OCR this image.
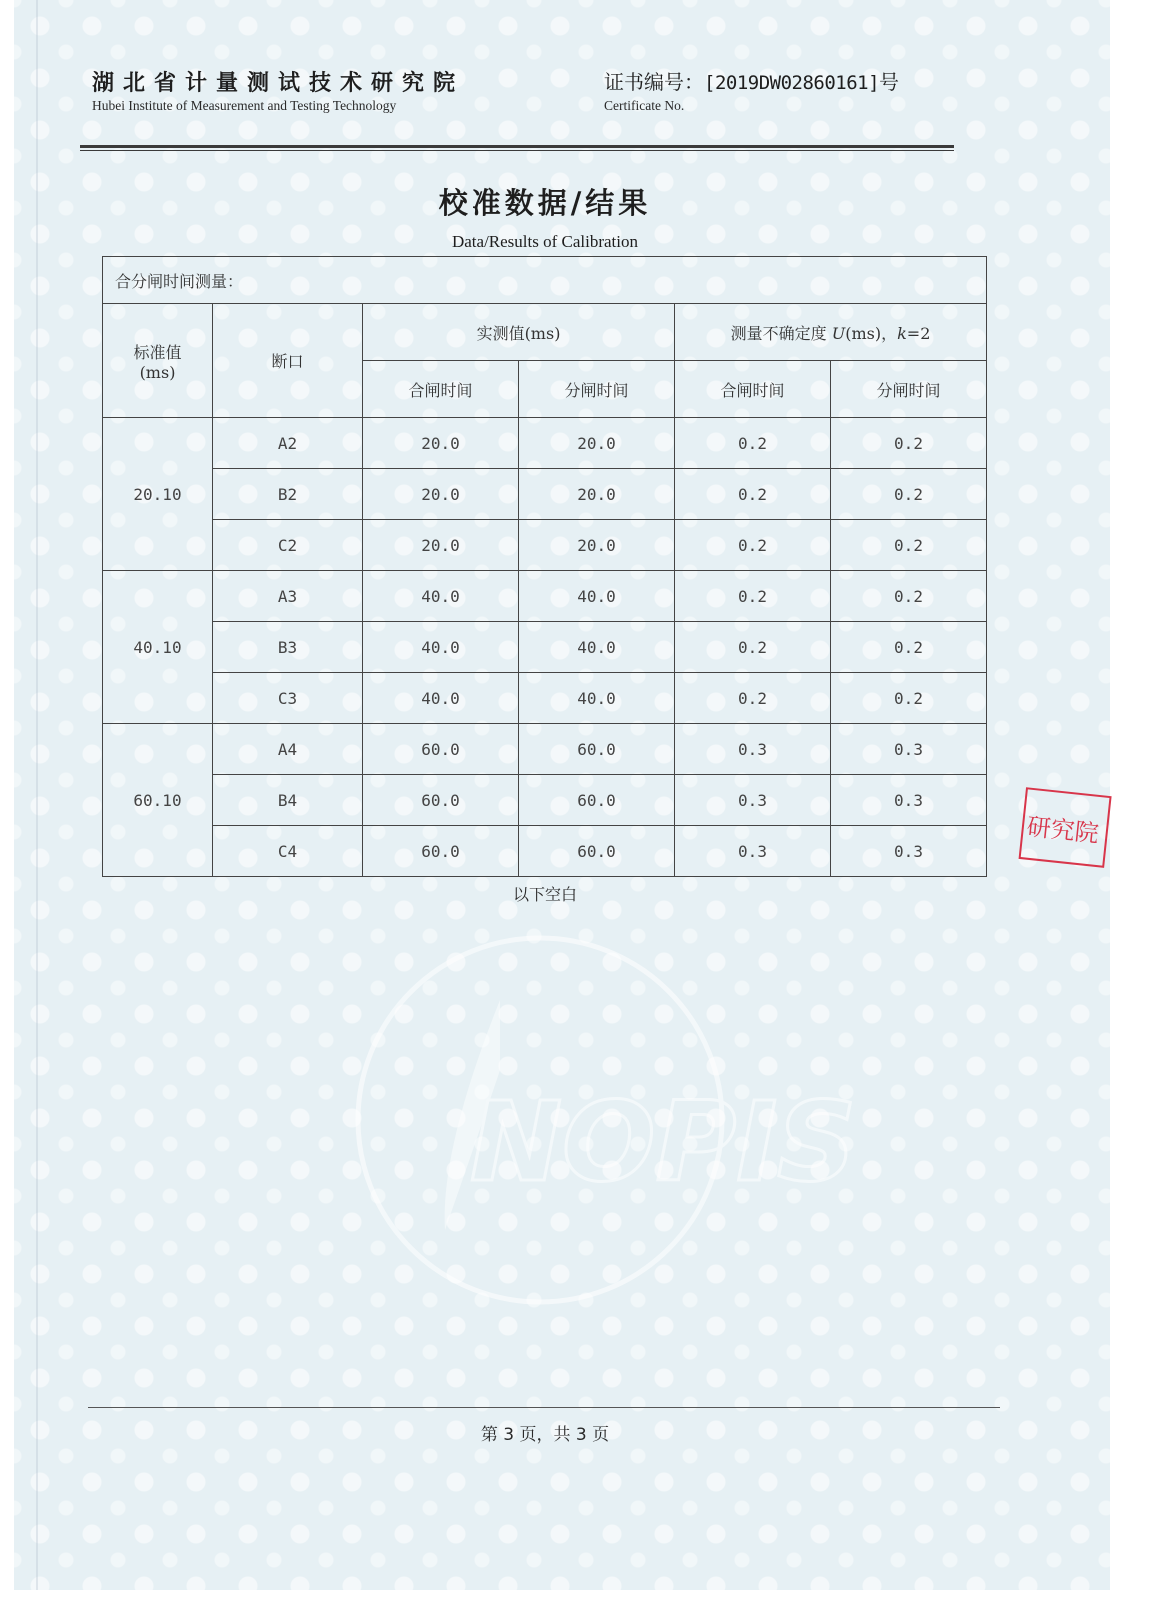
NOPIS
湖北省计量测试技术研究院
Hubei Institute of Measurement and Testing Technology
证书编号：[2019DW02860161]号
Certificate No.
校准数据/结果
Data/Results of Calibration
合分闸时间测量：					

标准值
(ms)	断口	实测值(ms)		测量不确定度 U(ms)，k=2	
		合闸时间	分闸时间	合闸时间	分闸时间
20.10	A2	20.0	20.0	0.2	0.2
	B2	20.0	20.0	0.2	0.2
	C2	20.0	20.0	0.2	0.2
40.10	A3	40.0	40.0	0.2	0.2
	B3	40.0	40.0	0.2	0.2
	C3	40.0	40.0	0.2	0.2
60.10	A4	60.0	60.0	0.3	0.3
	B4	60.0	60.0	0.3	0.3
	C4	60.0	60.0	0.3	0.3
以下空白
研究院
第 3 页，共 3 页
